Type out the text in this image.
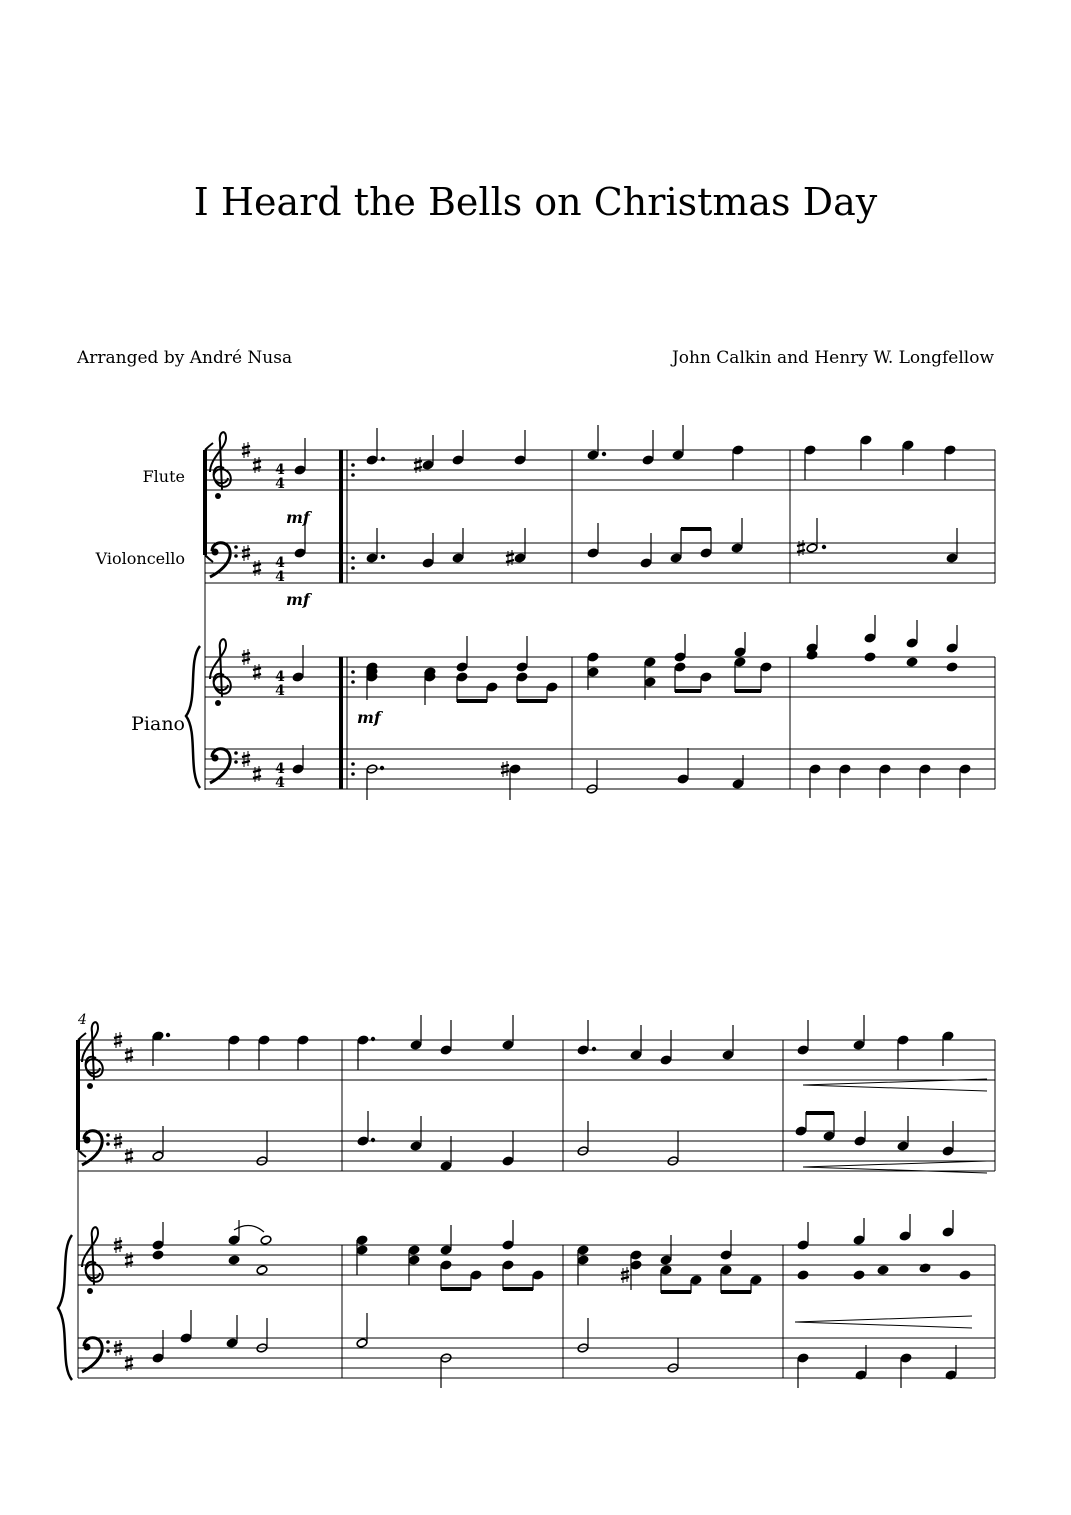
I Heard the Bells on Christmas Day
Arranged by André Nusa	John Calkin and Henry W. Longfellow
Flute
Violoncello
Piano
4
4
4
4
4
4
4
4
mf
mf
mf
4
